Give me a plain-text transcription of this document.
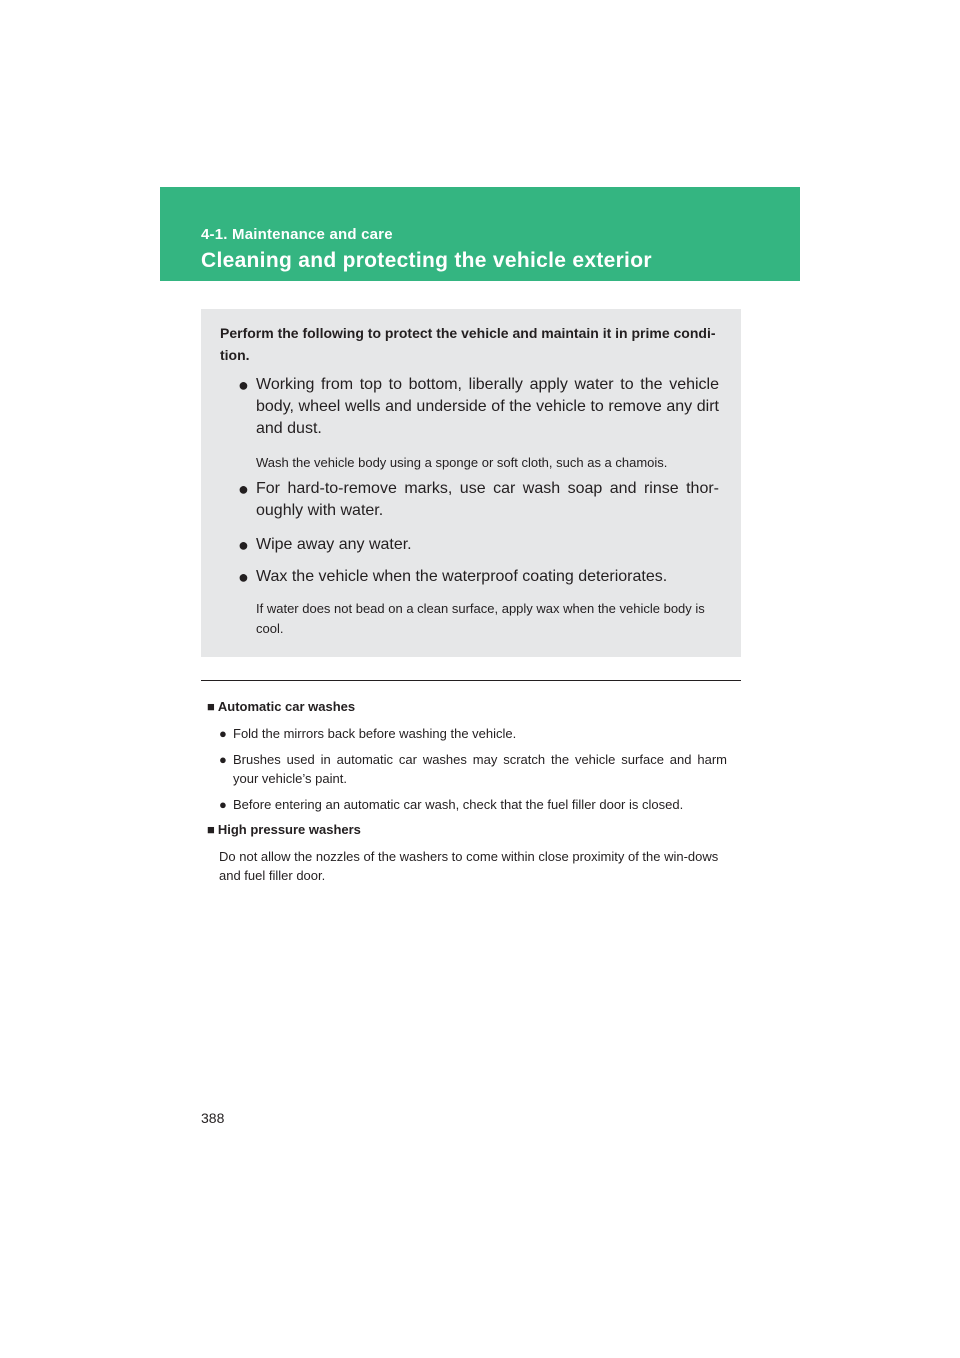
4-1. Maintenance and care
Cleaning and protecting the vehicle exterior
Perform the following to protect the vehicle and maintain it in prime condi-tion.
● Working from top to bottom, liberally apply water to the vehicle body, wheel wells and underside of the vehicle to remove any dirt and dust.
Wash the vehicle body using a sponge or soft cloth, such as a chamois.
● For hard-to-remove marks, use car wash soap and rinse thor-oughly with water.
● Wipe away any water.
● Wax the vehicle when the waterproof coating deteriorates.
If water does not bead on a clean surface, apply wax when the vehicle body is cool.
■ Automatic car washes
● Fold the mirrors back before washing the vehicle.
● Brushes used in automatic car washes may scratch the vehicle surface and harm your vehicle’s paint.
● Before entering an automatic car wash, check that the fuel filler door is closed.
■ High pressure washers
Do not allow the nozzles of the washers to come within close proximity of the win-dows and fuel filler door.
388
